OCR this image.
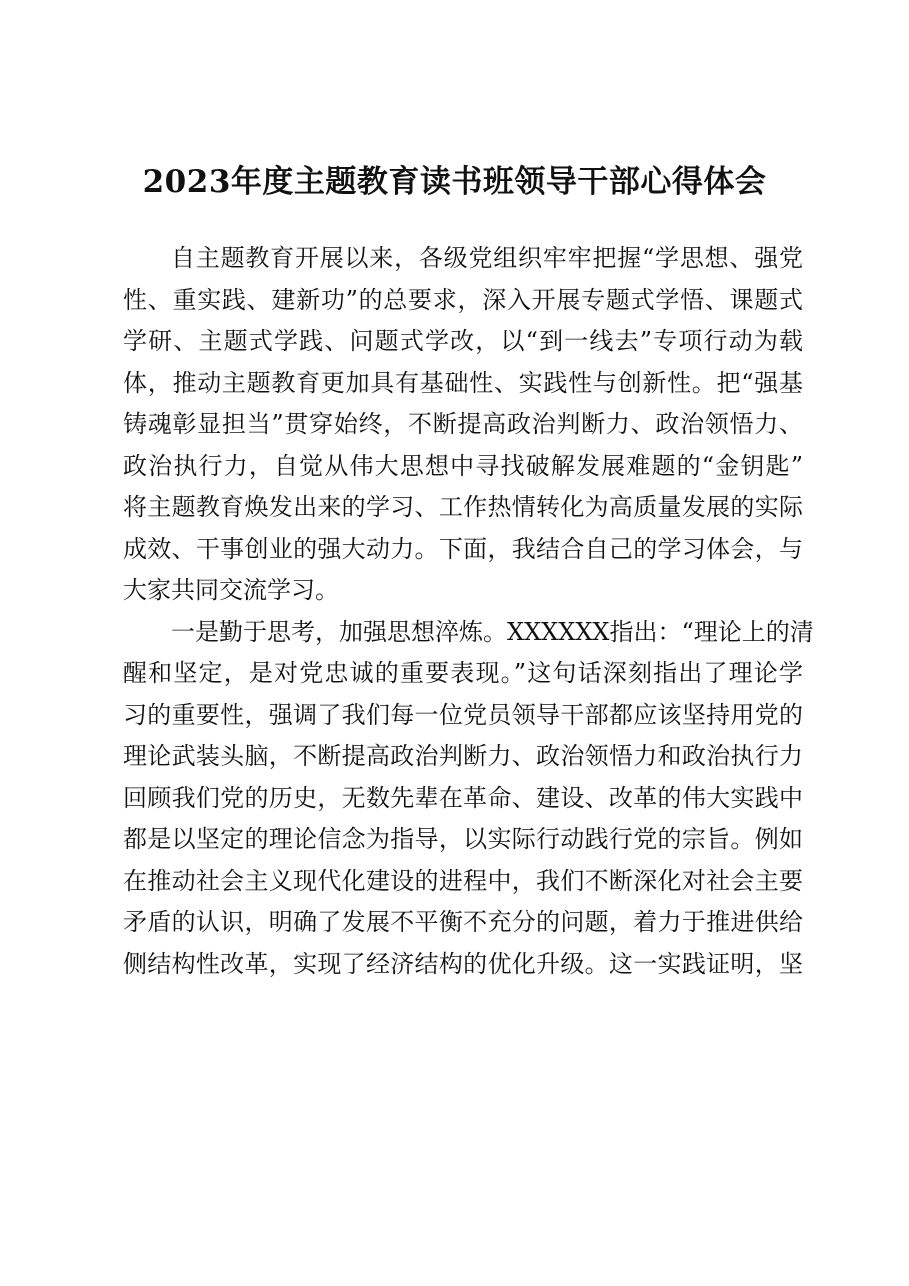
2023年度主题教育读书班领导干部心得体会
自主题教育开展以来，各级党组织牢牢把握“学思想、强党
性、重实践、建新功”的总要求，深入开展专题式学悟、课题式
学研、主题式学践、问题式学改，以“到一线去”专项行动为载
体，推动主题教育更加具有基础性、实践性与创新性。把“强基
铸魂彰显担当”贯穿始终，不断提高政治判断力、政治领悟力、
政治执行力，自觉从伟大思想中寻找破解发展难题的“金钥匙”
将主题教育焕发出来的学习、工作热情转化为高质量发展的实际
成效、干事创业的强大动力。下面，我结合自己的学习体会，与
大家共同交流学习。
一是勤于思考，加强思想淬炼。XXXXXX指出：“理论上的清
醒和坚定，是对党忠诚的重要表现。”这句话深刻指出了理论学
习的重要性，强调了我们每一位党员领导干部都应该坚持用党的
理论武装头脑，不断提高政治判断力、政治领悟力和政治执行力
回顾我们党的历史，无数先辈在革命、建设、改革的伟大实践中
都是以坚定的理论信念为指导，以实际行动践行党的宗旨。例如
在推动社会主义现代化建设的进程中，我们不断深化对社会主要
矛盾的认识，明确了发展不平衡不充分的问题，着力于推进供给
侧结构性改革，实现了经济结构的优化升级。这一实践证明，坚
